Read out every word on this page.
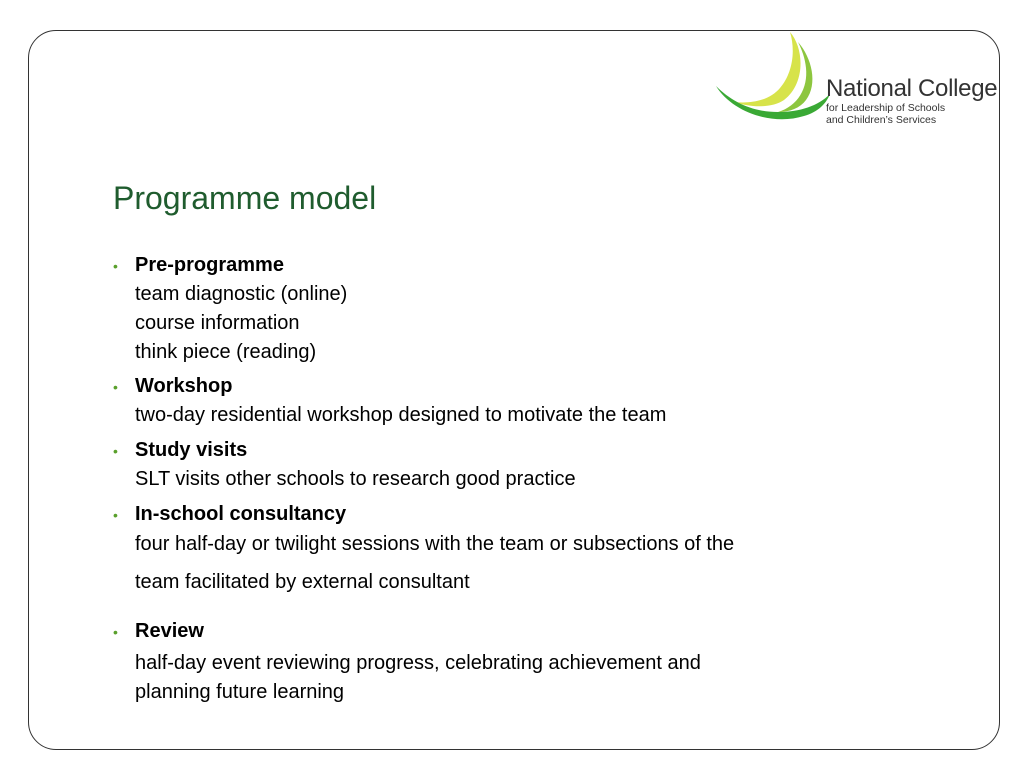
National College
for Leadership of Schools
and Children’s Services
Programme model
• Pre-programme
team diagnostic (online)
course information
think piece (reading)
• Workshop
two-day residential workshop designed to motivate the team
• Study visits
SLT visits other schools to research good practice
• In-school consultancy
four half-day or twilight sessions with the team or subsections of the
team facilitated by external consultant
• Review
half-day event reviewing progress, celebrating achievement and
planning future learning
